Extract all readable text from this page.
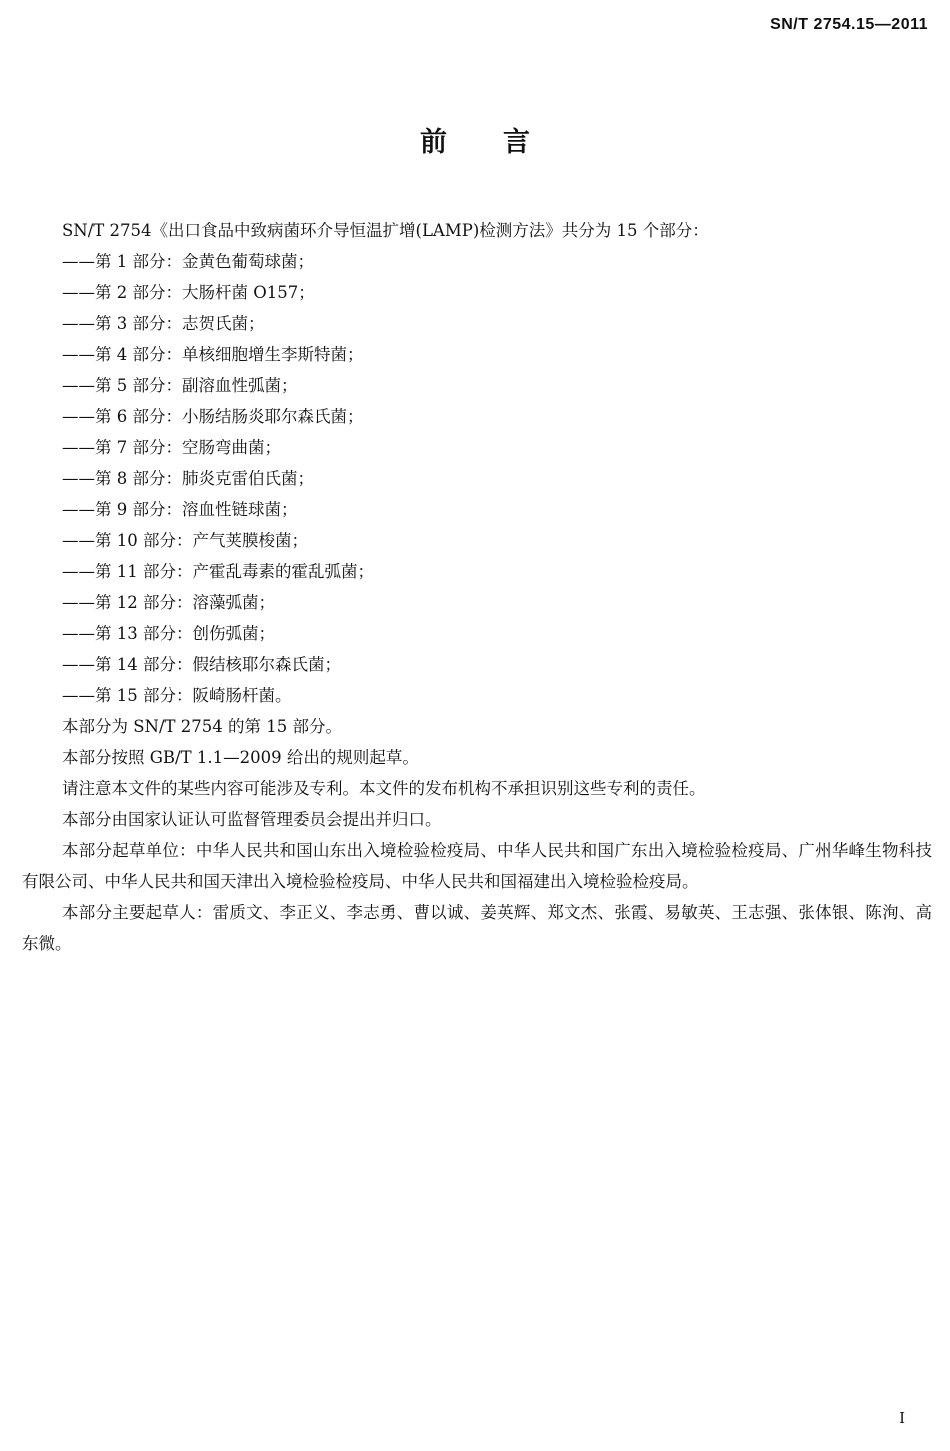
SN/T 2754.15—2011
前言

SN/T 2754《出口食品中致病菌环介导恒温扩增(LAMP)检测方法》共分为 15 个部分：

——第 1 部分：金黄色葡萄球菌；

——第 2 部分：大肠杆菌 O157；

——第 3 部分：志贺氏菌；

——第 4 部分：单核细胞增生李斯特菌；

——第 5 部分：副溶血性弧菌；

——第 6 部分：小肠结肠炎耶尔森氏菌；

——第 7 部分：空肠弯曲菌；

——第 8 部分：肺炎克雷伯氏菌；

——第 9 部分：溶血性链球菌；

——第 10 部分：产气荚膜梭菌；

——第 11 部分：产霍乱毒素的霍乱弧菌；

——第 12 部分：溶藻弧菌；

——第 13 部分：创伤弧菌；

——第 14 部分：假结核耶尔森氏菌；

——第 15 部分：阪崎肠杆菌。

本部分为 SN/T 2754 的第 15 部分。

本部分按照 GB/T 1.1—2009 给出的规则起草。

请注意本文件的某些内容可能涉及专利。本文件的发布机构不承担识别这些专利的责任。

本部分由国家认证认可监督管理委员会提出并归口。

本部分起草单位：中华人民共和国山东出入境检验检疫局、中华人民共和国广东出入境检验检疫局、广州华峰生物科技有限公司、中华人民共和国天津出入境检验检疫局、中华人民共和国福建出入境检验检疫局。

本部分主要起草人：雷质文、李正义、李志勇、曹以诚、姜英辉、郑文杰、张霞、易敏英、王志强、张体银、陈洵、高东微。

I
